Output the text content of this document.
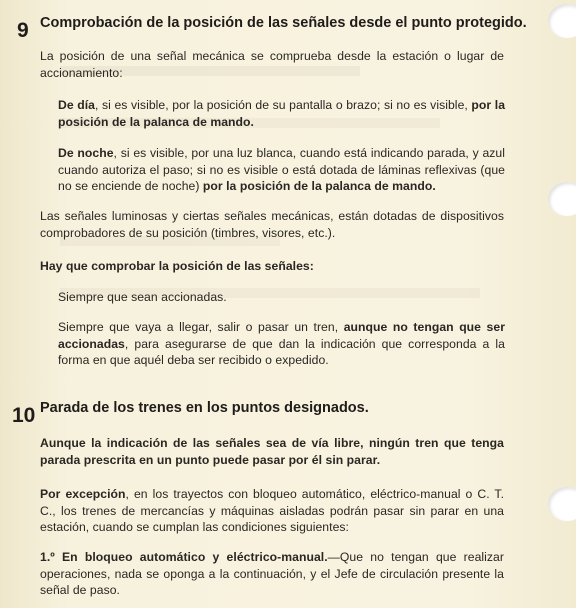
9 Comprobación de la posición de las señales desde el punto protegido.
La posición de una señal mecánica se comprueba desde la estación o lugar de accionamiento:
De día, si es visible, por la posición de su pantalla o brazo; si no es visible, por la posición de la palanca de mando.
De noche, si es visible, por una luz blanca, cuando está indicando parada, y azul cuando autoriza el paso; si no es visible o está dotada de láminas reflexivas (que no se enciende de noche) por la posición de la palanca de mando.
Las señales luminosas y ciertas señales mecánicas, están dotadas de dispositivos comprobadores de su posición (timbres, visores, etc.).
Hay que comprobar la posición de las señales:
Siempre que sean accionadas.
Siempre que vaya a llegar, salir o pasar un tren, aunque no tengan que ser accionadas, para asegurarse de que dan la indicación que corresponda a la forma en que aquél deba ser recibido o expedido.
10 Parada de los trenes en los puntos designados.
Aunque la indicación de las señales sea de vía libre, ningún tren que tenga parada prescrita en un punto puede pasar por él sin parar.
Por excepción, en los trayectos con bloqueo automático, eléctrico-manual o C. T. C., los trenes de mercancías y máquinas aisladas podrán pasar sin parar en una estación, cuando se cumplan las condiciones siguientes:
1.º En bloqueo automático y eléctrico-manual.—Que no tengan que realizar operaciones, nada se oponga a la continuación, y el Jefe de circulación presente la señal de paso.
